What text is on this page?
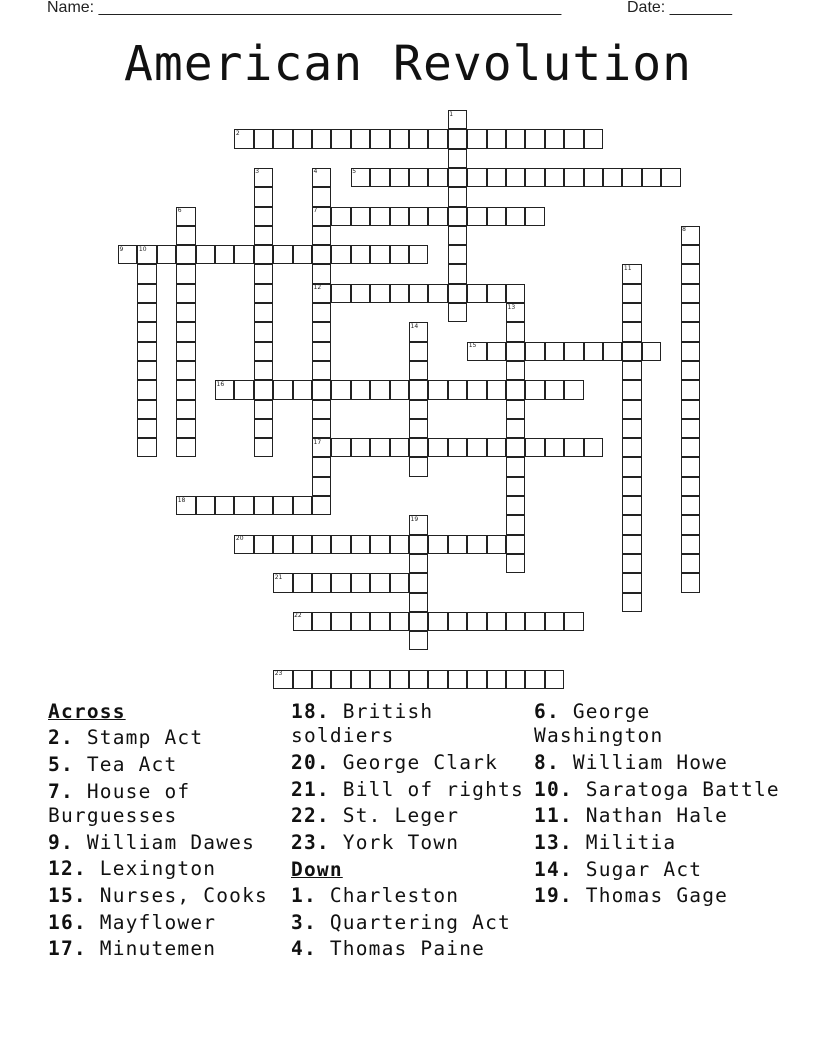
Name: ____________________________________________________	Date: _______
American Revolution
1
2
3	4	5
6	7
8
9	10
11
12
13
14
15
16
17
18
19
20
21
22
23
Across

2. Stamp Act

5. Tea Act

7. House of Burguesses

9. William Dawes

12. Lexington

15. Nurses, Cooks

16. Mayflower

17. Minutemen

18. British soldiers

20. George Clark

21. Bill of rights

22. St. Leger

23. York Town

Down

1. Charleston

3. Quartering Act

4. Thomas Paine

6. George Washington

8. William Howe

10. Saratoga Battle

11. Nathan Hale

13. Militia

14. Sugar Act

19. Thomas Gage
